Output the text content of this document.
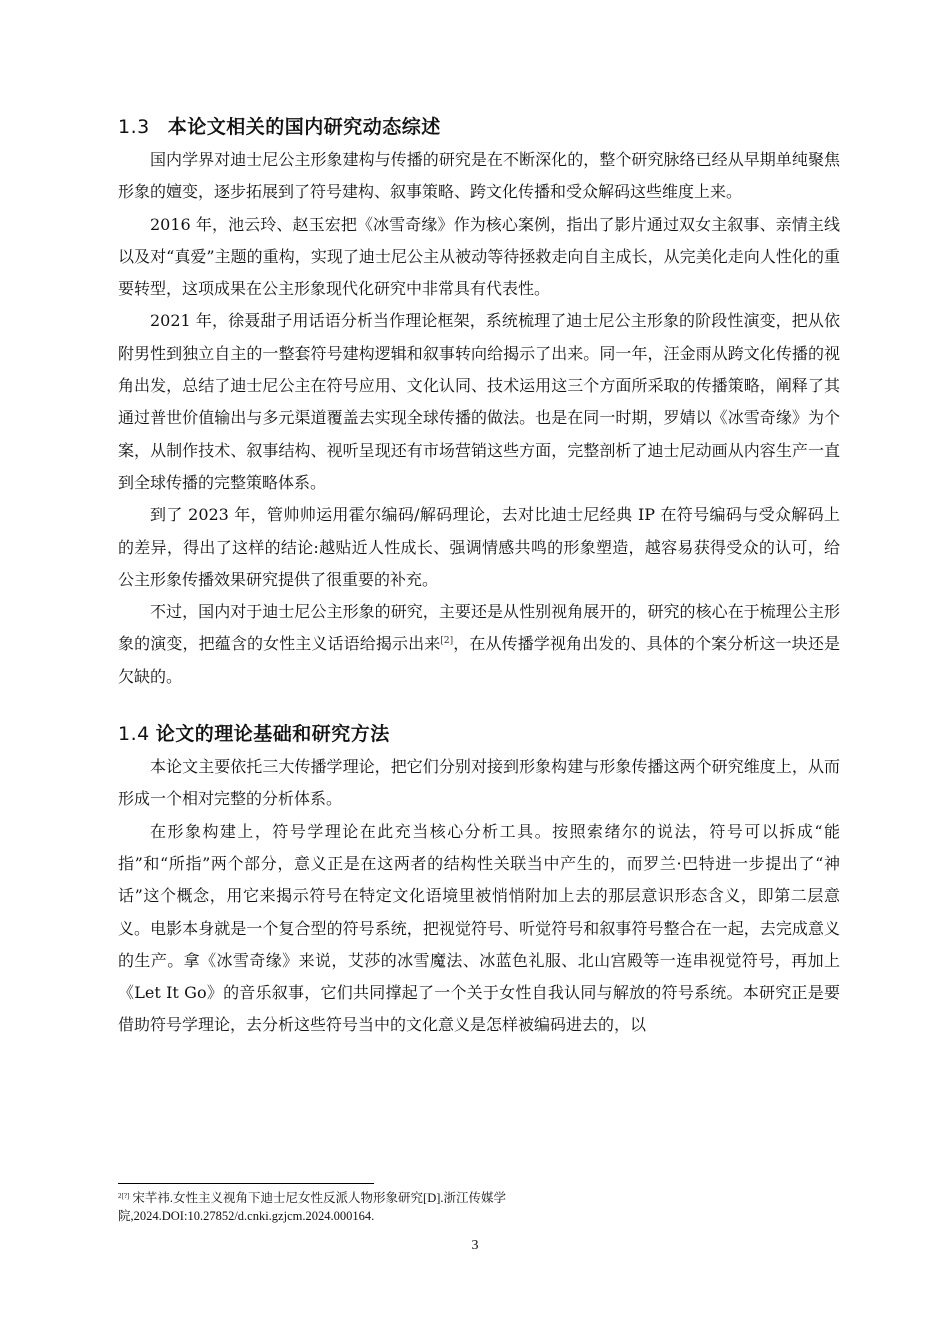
1.3 本论文相关的国内研究动态综述

国内学界对迪士尼公主形象建构与传播的研究是在不断深化的，整个研究脉络已经从早期单纯聚焦形象的嬗变，逐步拓展到了符号建构、叙事策略、跨文化传播和受众解码这些维度上来。

2016 年，池云玲、赵玉宏把《冰雪奇缘》作为核心案例，指出了影片通过双女主叙事、亲情主线以及对“真爱”主题的重构，实现了迪士尼公主从被动等待拯救走向自主成长，从完美化走向人性化的重要转型，这项成果在公主形象现代化研究中非常具有代表性。

2021 年，徐聂甜子用话语分析当作理论框架，系统梳理了迪士尼公主形象的阶段性演变，把从依附男性到独立自主的一整套符号建构逻辑和叙事转向给揭示了出来。同一年，汪金雨从跨文化传播的视角出发，总结了迪士尼公主在符号应用、文化认同、技术运用这三个方面所采取的传播策略，阐释了其通过普世价值输出与多元渠道覆盖去实现全球传播的做法。也是在同一时期，罗婧以《冰雪奇缘》为个案，从制作技术、叙事结构、视听呈现还有市场营销这些方面，完整剖析了迪士尼动画从内容生产一直到全球传播的完整策略体系。

到了 2023 年，管帅帅运用霍尔编码/解码理论，去对比迪士尼经典 IP 在符号编码与受众解码上的差异，得出了这样的结论:越贴近人性成长、强调情感共鸣的形象塑造，越容易获得受众的认可，给公主形象传播效果研究提供了很重要的补充。

不过，国内对于迪士尼公主形象的研究，主要还是从性别视角展开的，研究的核心在于梳理公主形象的演变，把蕴含的女性主义话语给揭示出来[2]，在从传播学视角出发的、具体的个案分析这一块还是欠缺的。

1.4 论文的理论基础和研究方法

本论文主要依托三大传播学理论，把它们分别对接到形象构建与形象传播这两个研究维度上，从而形成一个相对完整的分析体系。

在形象构建上，符号学理论在此充当核心分析工具。按照索绪尔的说法，符号可以拆成“能指”和“所指”两个部分，意义正是在这两者的结构性关联当中产生的，而罗兰·巴特进一步提出了“神话”这个概念，用它来揭示符号在特定文化语境里被悄悄附加上去的那层意识形态含义，即第二层意义。电影本身就是一个复合型的符号系统，把视觉符号、听觉符号和叙事符号整合在一起，去完成意义的生产。拿《冰雪奇缘》来说，艾莎的冰雪魔法、冰蓝色礼服、北山宫殿等一连串视觉符号，再加上《Let It Go》的音乐叙事，它们共同撑起了一个关于女性自我认同与解放的符号系统。本研究正是要借助符号学理论，去分析这些符号当中的文化意义是怎样被编码进去的，以

$^{2[?]}$ 宋芊祎.女性主义视角下迪士尼女性反派人物形象研究[D].浙江传媒学院,2024.DOI:10.27852/d.cnki.gzjcm.2024.000164.
3
